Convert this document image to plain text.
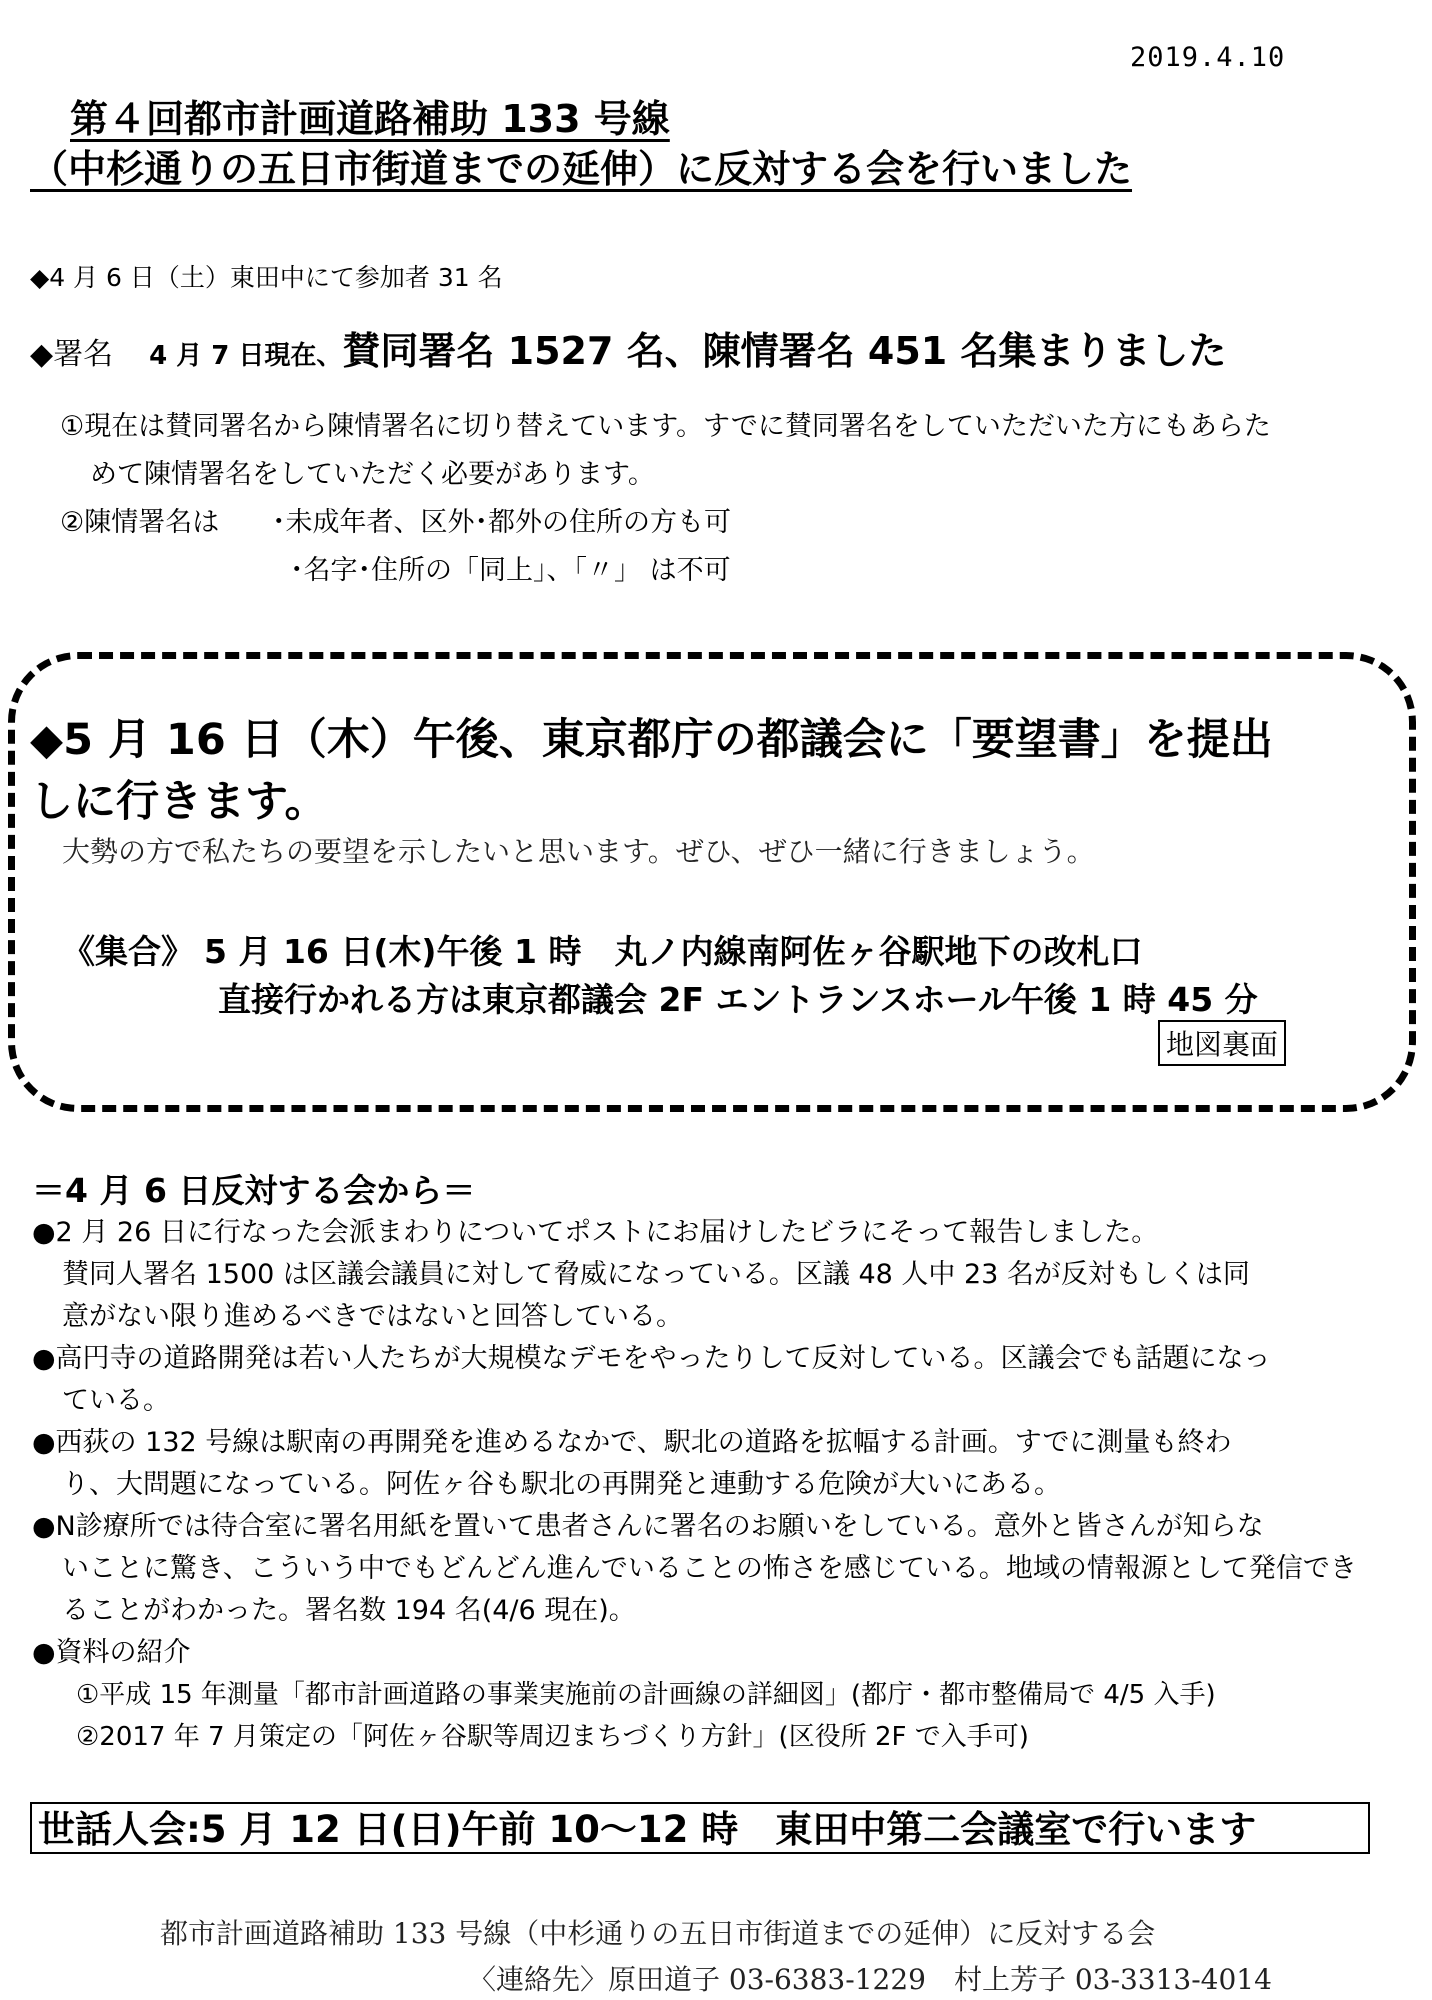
2019.4.10
第４回都市計画道路補助 133 号線
（中杉通りの五日市街道までの延伸）に反対する会を行いました
◆4 月 6 日（土）東田中にて参加者 31 名
◆署名 4 月 7 日現在、賛同署名 1527 名、陳情署名 451 名集まりました
①現在は賛同署名から陳情署名に切り替えています。すでに賛同署名をしていただいた方にもあらた
めて陳情署名をしていただく必要があります。
②陳情署名は ･未成年者、区外･都外の住所の方も可
･名字･住所の「同上」、「〃」 は不可
◆5 月 16 日（木）午後、東京都庁の都議会に「要望書」を提出
しに行きます。
大勢の方で私たちの要望を示したいと思います。ぜひ、ぜひ一緒に行きましょう。
《集合》 5 月 16 日(木)午後 1 時　丸ノ内線南阿佐ヶ谷駅地下の改札口
直接行かれる方は東京都議会 2F エントランスホール午後 1 時 45 分
地図裏面
＝4 月 6 日反対する会から＝
●2 月 26 日に行なった会派まわりについてポストにお届けしたビラにそって報告しました。
賛同人署名 1500 は区議会議員に対して脅威になっている。区議 48 人中 23 名が反対もしくは同
意がない限り進めるべきではないと回答している。
●高円寺の道路開発は若い人たちが大規模なデモをやったりして反対している。区議会でも話題になっ
ている。
●西荻の 132 号線は駅南の再開発を進めるなかで、駅北の道路を拡幅する計画。すでに測量も終わ
り、大問題になっている。阿佐ヶ谷も駅北の再開発と連動する危険が大いにある。
●N診療所では待合室に署名用紙を置いて患者さんに署名のお願いをしている。意外と皆さんが知らな
いことに驚き、こういう中でもどんどん進んでいることの怖さを感じている。地域の情報源として発信でき
ることがわかった。署名数 194 名(4/6 現在)。
●資料の紹介
①平成 15 年測量「都市計画道路の事業実施前の計画線の詳細図」(都庁・都市整備局で 4/5 入手)
②2017 年 7 月策定の「阿佐ヶ谷駅等周辺まちづくり方針」(区役所 2F で入手可)
世話人会:5 月 12 日(日)午前 10～12 時　東田中第二会議室で行います
都市計画道路補助 133 号線（中杉通りの五日市街道までの延伸）に反対する会
〈連絡先〉原田道子 03-6383-1229　村上芳子 03-3313-4014
